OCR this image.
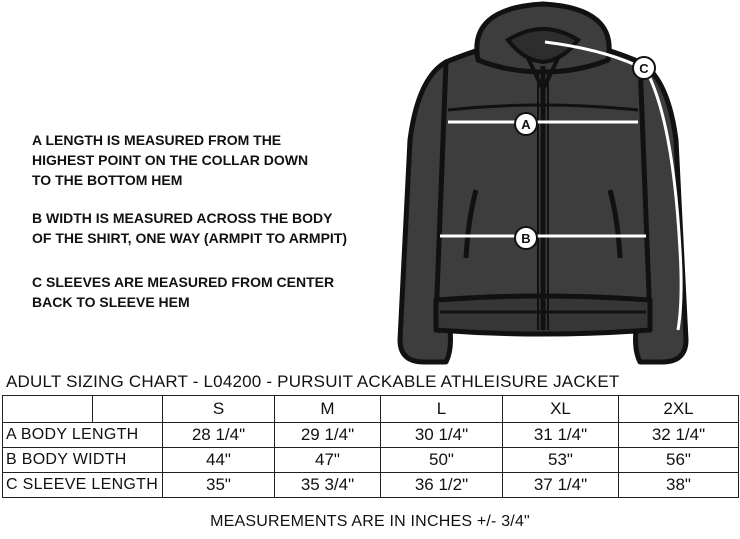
A LENGTH IS MEASURED FROM THE

HIGHEST POINT ON THE COLLAR DOWN

TO THE BOTTOM HEM

B WIDTH IS MEASURED ACROSS THE BODY

OF THE SHIRT, ONE WAY (ARMPIT TO ARMPIT)

C SLEEVES ARE MEASURED FROM CENTER

BACK TO SLEEVE HEM

A
B
C
ADULT SIZING CHART - L04200 - PURSUIT ACKABLE ATHLEISURE JACKET
		S	M	L	XL	2XL
A BODY LENGTH		28 1/4"	29 1/4"	30 1/4"	31 1/4"	32 1/4"
B BODY WIDTH		44"	47"	50"	53"	56"
C SLEEVE LENGTH		35"	35 3/4"	36 1/2"	37 1/4"	38"
MEASUREMENTS ARE IN INCHES +/- 3/4"
